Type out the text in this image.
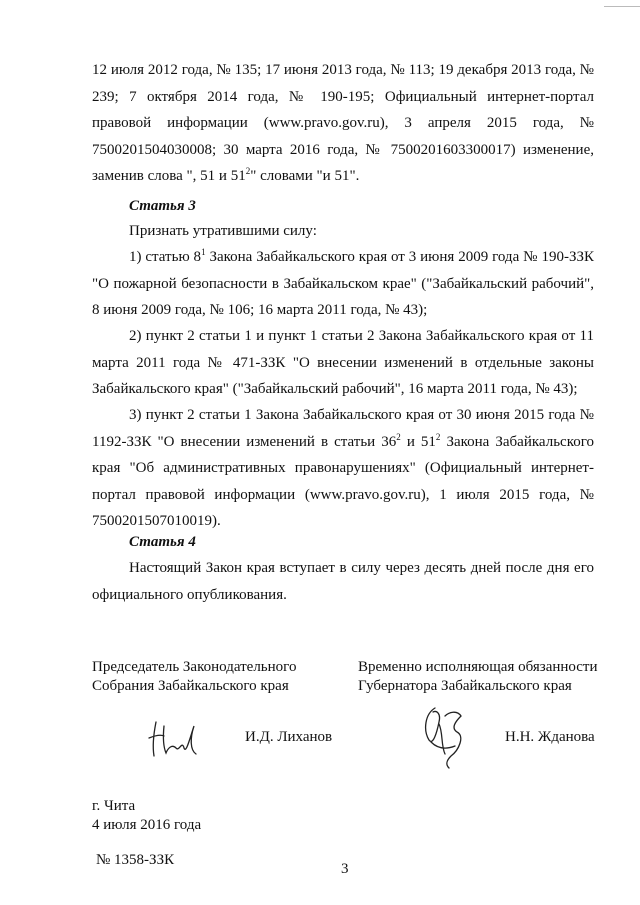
12 июля 2012 года, № 135; 17 июня 2013 года, № 113; 19 декабря 2013 года, № 239; 7 октября 2014 года, № 190-195; Официальный интернет-портал правовой информации (www.pravo.gov.ru), 3 апреля 2015 года, № 7500201504030008; 30 марта 2016 года, № 7500201603300017) изменение, заменив слова ", 51 и $51^2$" словами "и 51".

Статья 3

Признать утратившими силу:

1) статью $8^1$ Закона Забайкальского края от 3 июня 2009 года № 190-ЗЗК "О пожарной безопасности в Забайкальском крае" ("Забайкальский рабочий", 8 июня 2009 года, № 106; 16 марта 2011 года, № 43);

2) пункт 2 статьи 1 и пункт 1 статьи 2 Закона Забайкальского края от 11 марта 2011 года № 471-ЗЗК "О внесении изменений в отдельные законы Забайкальского края" ("Забайкальский рабочий", 16 марта 2011 года, № 43);

3) пункт 2 статьи 1 Закона Забайкальского края от 30 июня 2015 года № 1192-ЗЗК "О внесении изменений в статьи $36^2$ и $51^2$ Закона Забайкальского края "Об административных правонарушениях" (Официальный интернет-портал правовой информации (www.pravo.gov.ru), 1 июля 2015 года, № 7500201507010019).

Статья 4

Настоящий Закон края вступает в силу через десять дней после дня его официального опубликования.

Председатель Законодательного

Собрания Забайкальского края

Временно исполняющая обязанности

Губернатора Забайкальского края

И.Д. Лиханов	Н.Н. Жданова

г. Чита

4 июля 2016 года

№ 1358-ЗЗК

3
